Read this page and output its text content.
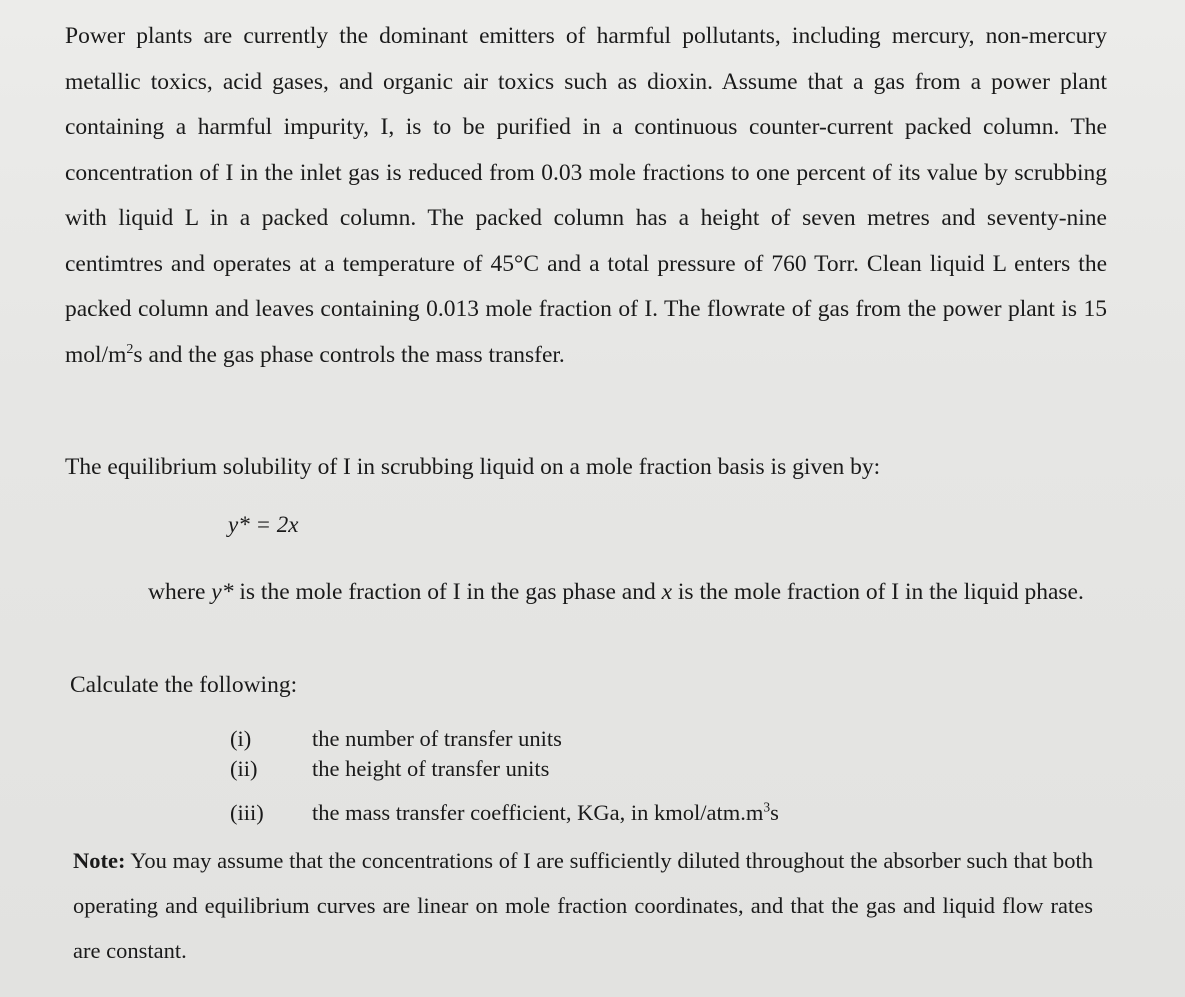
Power plants are currently the dominant emitters of harmful pollutants, including mercury, non-mercury metallic toxics, acid gases, and organic air toxics such as dioxin. Assume that a gas from a power plant containing a harmful impurity, I, is to be purified in a continuous counter-current packed column. The concentration of I in the inlet gas is reduced from 0.03 mole fractions to one percent of its value by scrubbing with liquid L in a packed column. The packed column has a height of seven metres and seventy-nine centimtres and operates at a temperature of 45°C and a total pressure of 760 Torr. Clean liquid L enters the packed column and leaves containing 0.013 mole fraction of I. The flowrate of gas from the power plant is 15 mol/$m^2s$ and the gas phase controls the mass transfer.

The equilibrium solubility of I in scrubbing liquid on a mole fraction basis is given by:

y* = 2x

where y* is the mole fraction of I in the gas phase and x is the mole fraction of I in the liquid phase.

Calculate the following:

(i)	the number of transfer units
(ii) the height of transfer units
(iii) the mass transfer coefficient, KGa, in kmol/$atm.m^3s$

Note: You may assume that the concentrations of I are sufficiently diluted throughout the absorber such that both operating and equilibrium curves are linear on mole fraction coordinates, and that the gas and liquid flow rates are constant.
